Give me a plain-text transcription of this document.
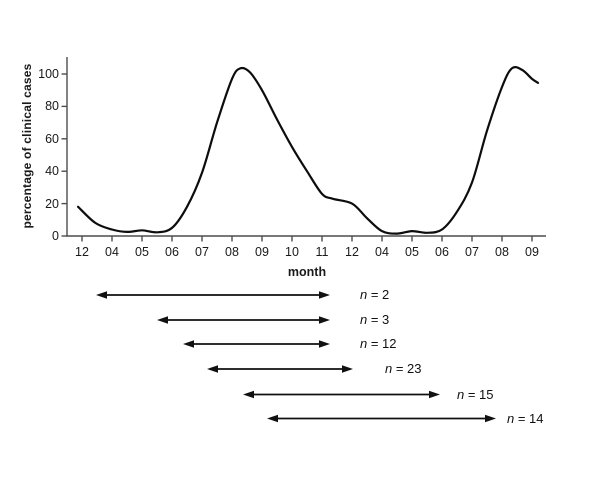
percentage of clinical cases
month
0
20
40
60
80
100
12	04	05	06	07	08	09	10	11	12	04	05	06	07	08	09
n = 2
n = 3
n = 12
n = 23
n = 15
n = 14
